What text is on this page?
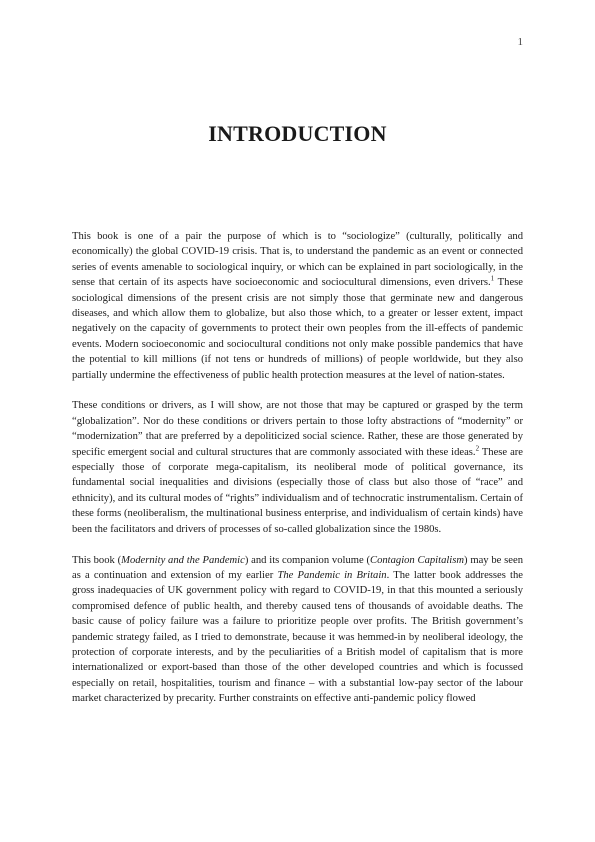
1
INTRODUCTION

This book is one of a pair the purpose of which is to “sociologize” (culturally, politically and economically) the global COVID-19 crisis. That is, to understand the pandemic as an event or connected series of events amenable to sociological inquiry, or which can be explained in part sociologically, in the sense that certain of its aspects have socioeconomic and sociocultural dimensions, even drivers.$^1$ These sociological dimensions of the present crisis are not simply those that germinate new and dangerous diseases, and which allow them to globalize, but also those which, to a greater or lesser extent, impact negatively on the capacity of governments to protect their own peoples from the ill-effects of pandemic events. Modern socioeconomic and sociocultural conditions not only make possible pandemics that have the potential to kill millions (if not tens or hundreds of millions) of people worldwide, but they also partially undermine the effectiveness of public health protection measures at the level of nation-states.

These conditions or drivers, as I will show, are not those that may be captured or grasped by the term “globalization”. Nor do these conditions or drivers pertain to those lofty abstractions of “modernity” or “modernization” that are preferred by a depoliticized social science. Rather, these are those generated by specific emergent social and cultural structures that are commonly associated with these ideas.$^2$ These are especially those of corporate mega-capitalism, its neoliberal mode of political governance, its fundamental social inequalities and divisions (especially those of class but also those of “race” and ethnicity), and its cultural modes of “rights” individualism and of technocratic instrumentalism. Certain of these forms (neoliberalism, the multinational business enterprise, and individualism of certain kinds) have been the facilitators and drivers of processes of so-called globalization since the 1980s.

This book (Modernity and the Pandemic) and its companion volume (Contagion Capitalism) may be seen as a continuation and extension of my earlier The Pandemic in Britain. The latter book addresses the gross inadequacies of UK government policy with regard to COVID-19, in that this mounted a seriously compromised defence of public health, and thereby caused tens of thousands of avoidable deaths. The basic cause of policy failure was a failure to prioritize people over profits. The British government’s pandemic strategy failed, as I tried to demonstrate, because it was hemmed-in by neoliberal ideology, the protection of corporate interests, and by the peculiarities of a British model of capitalism that is more internationalized or export-based than those of the other developed countries and which is focussed especially on retail, hospitalities, tourism and finance – with a substantial low-pay sector of the labour market characterized by precarity. Further constraints on effective anti-pandemic policy flowed
